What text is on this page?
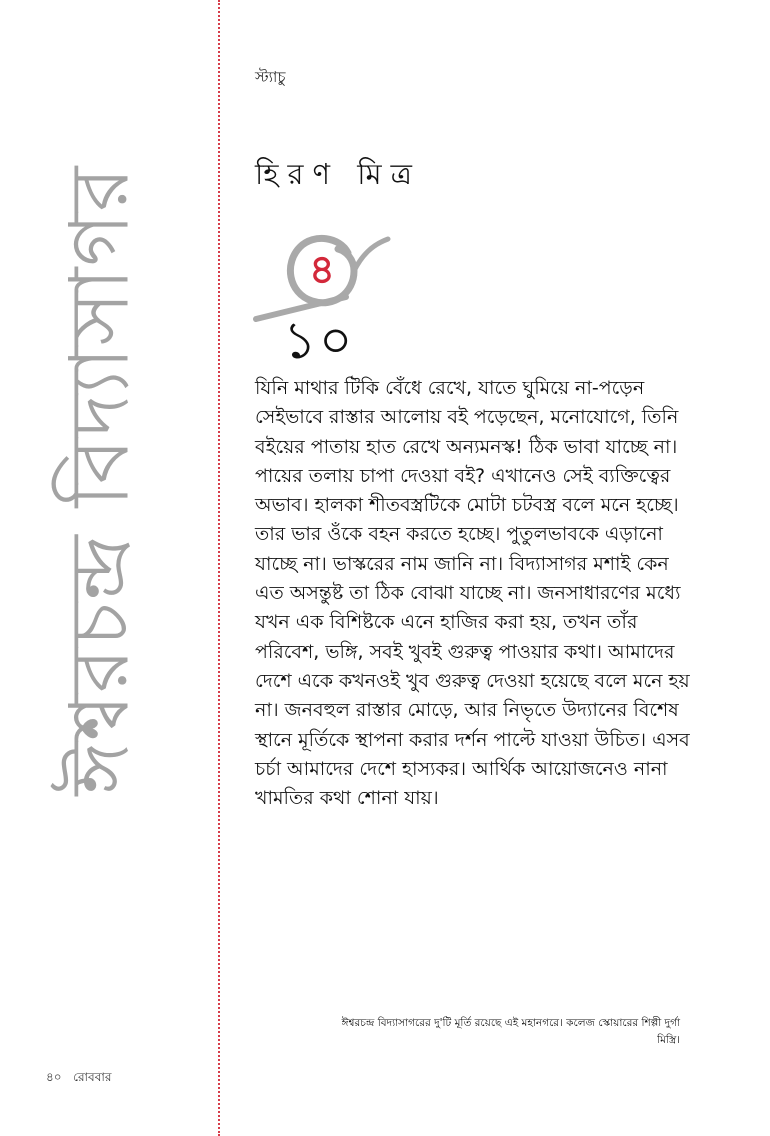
ঈশ্বরচন্দ্র বিদ্যাসাগর
স্ট্যাচু
হিরণ মিত্র
৪
১০
যিনি মাথার টিকি বেঁধে রেখে, যাতে ঘুমিয়ে না-পড়েন সেইভাবে রাস্তার আলোয় বই পড়েছেন, মনোযোগে, তিনি বইয়ের পাতায় হাত রেখে অন্যমনস্ক! ঠিক ভাবা যাচ্ছে না। পায়ের তলায় চাপা দেওয়া বই? এখানেও সেই ব্যক্তিত্বের অভাব। হালকা শীতবস্ত্রটিকে মোটা চটবস্ত্র বলে মনে হচ্ছে। তার ভার ওঁকে বহন করতে হচ্ছে। পুতুলভাবকে এড়ানো যাচ্ছে না। ভাস্করের নাম জানি না। বিদ্যাসাগর মশাই কেন এত অসন্তুষ্ট তা ঠিক বোঝা যাচ্ছে না। জনসাধারণের মধ্যে যখন এক বিশিষ্টকে এনে হাজির করা হয়, তখন তাঁর পরিবেশ, ভঙ্গি, সবই খুবই গুরুত্ব পাওয়ার কথা। আমাদের দেশে একে কখনওই খুব গুরুত্ব দেওয়া হয়েছে বলে মনে হয় না। জনবহুল রাস্তার মোড়ে, আর নিভৃতে উদ্যানের বিশেষ স্থানে মূর্তিকে স্থাপনা করার দর্শন পাল্টে যাওয়া উচিত। এসব চর্চা আমাদের দেশে হাস্যকর। আর্থিক আয়োজনেও নানা খামতির কথা শোনা যায়।
ঈশ্বরচন্দ্র বিদ্যাসাগরের দু'টি মূর্তি রয়েছে এই মহানগরে। কলেজ স্কোয়ারের শিল্পী দুর্গা মিস্ত্রি।
৪০ রোববার
